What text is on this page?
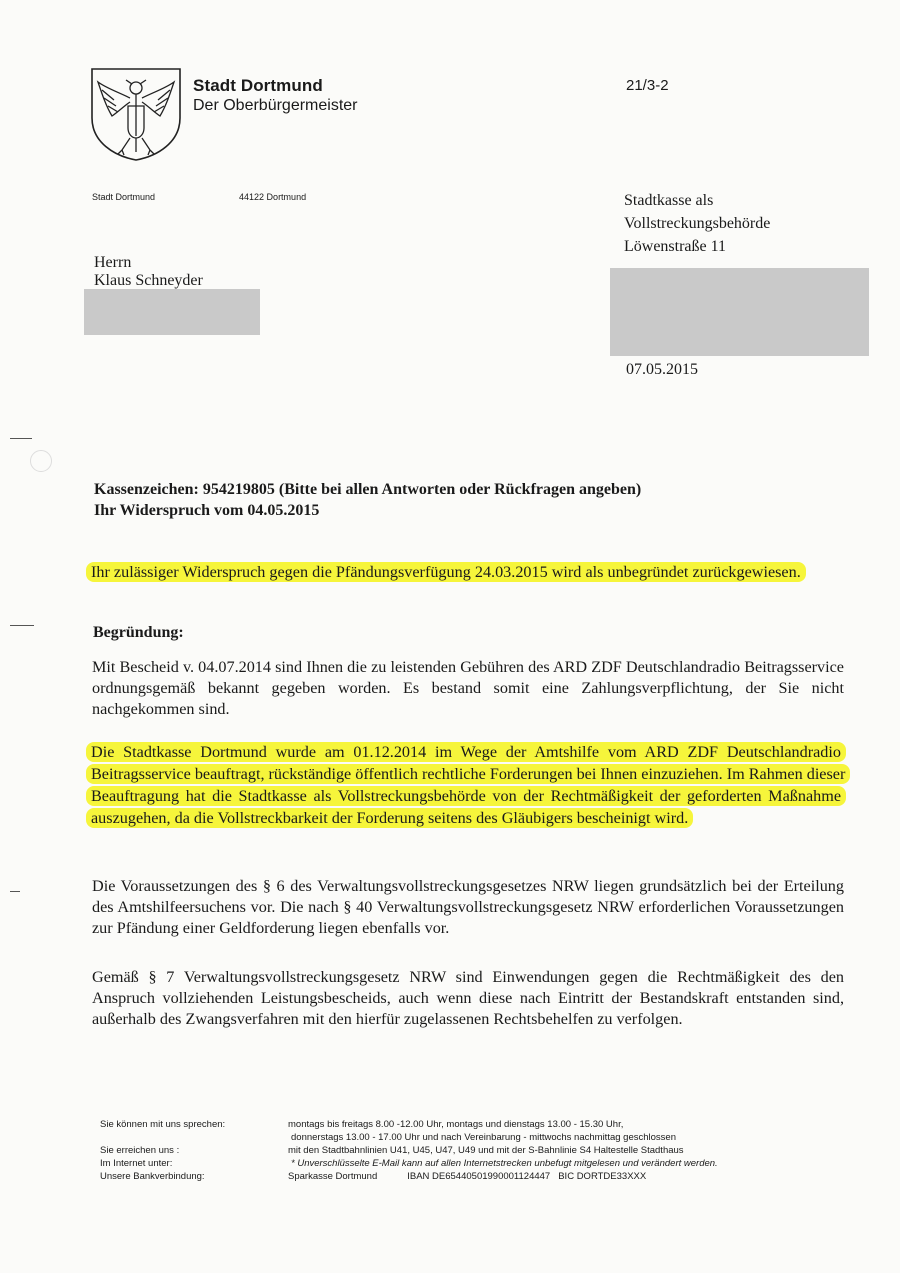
Stadt Dortmund
Der Oberbürgermeister
21/3-2
Stadt Dortmund	44122 Dortmund
Herrn
Klaus Schneyder
Stadtkasse als
Vollstreckungsbehörde
Löwenstraße 11
07.05.2015
Kassenzeichen: 954219805 (Bitte bei allen Antworten oder Rückfragen angeben)
Ihr Widerspruch vom 04.05.2015
Ihr zulässiger Widerspruch gegen die Pfändungsverfügung 24.03.2015 wird als unbegründet zurückgewiesen.
Begründung:
Mit Bescheid v. 04.07.2014 sind Ihnen die zu leistenden Gebühren des ARD ZDF Deutschlandradio Beitragsservice ordnungsgemäß bekannt gegeben worden. Es bestand somit eine Zahlungsverpflichtung, der Sie nicht nachgekommen sind.
Die Stadtkasse Dortmund wurde am 01.12.2014 im Wege der Amtshilfe vom ARD ZDF Deutschlandradio Beitragsservice beauftragt, rückständige öffentlich rechtliche Forderungen bei Ihnen einzuziehen. Im Rahmen dieser Beauftragung hat die Stadtkasse als Vollstreckungsbehörde von der Rechtmäßigkeit der geforderten Maßnahme auszugehen, da die Vollstreckbarkeit der Forderung seitens des Gläubigers bescheinigt wird.
Die Voraussetzungen des § 6 des Verwaltungsvollstreckungsgesetzes NRW liegen grundsätzlich bei der Erteilung des Amtshilfeersuchens vor. Die nach § 40 Verwaltungsvollstreckungsgesetz NRW erforderlichen Voraussetzungen zur Pfändung einer Geldforderung liegen ebenfalls vor.
Gemäß § 7 Verwaltungsvollstreckungsgesetz NRW sind Einwendungen gegen die Rechtmäßigkeit des den Anspruch vollziehenden Leistungsbescheids, auch wenn diese nach Eintritt der Bestandskraft entstanden sind, außerhalb des Zwangsverfahren mit den hierfür zugelassenen Rechtsbehelfen zu verfolgen.
Sie können mit uns sprechen:
Sie erreichen uns :
Im Internet unter:
Unsere Bankverbindung:
montags bis freitags 8.00 -12.00 Uhr, montags und dienstags 13.00 - 15.30 Uhr,
donnerstags 13.00 - 17.00 Uhr und nach Vereinbarung - mittwochs nachmittag geschlossen
mit den Stadtbahnlinien U41, U45, U47, U49 und mit der S-Bahnlinie S4 Haltestelle Stadthaus
* Unverschlüsselte E-Mail kann auf allen Internetstrecken unbefugt mitgelesen und verändert werden.
Sparkasse Dortmund	IBAN DE65440501990001124447 BIC DORTDE33XXX
